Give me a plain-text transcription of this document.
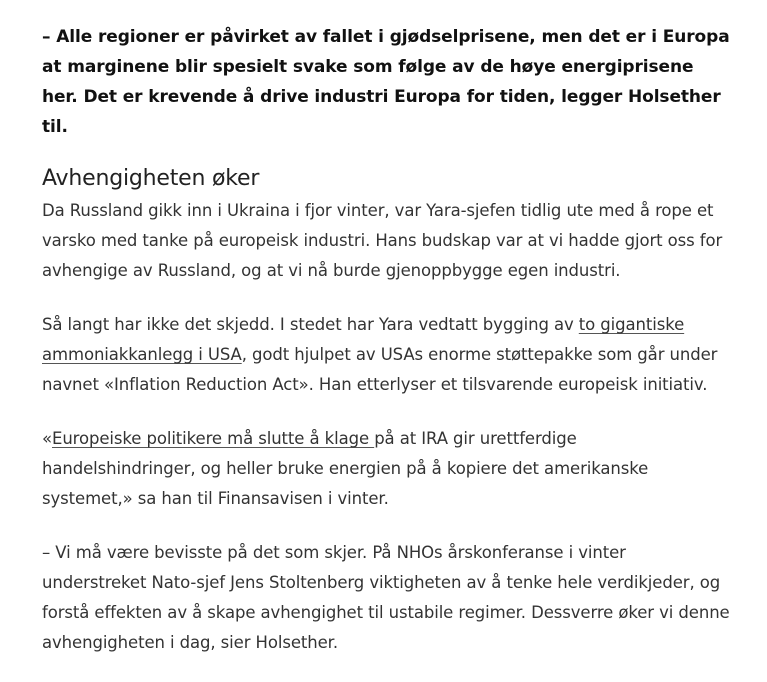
– Alle regioner er påvirket av fallet i gjødselprisene, men det er i Europa at marginene blir spesielt svake som følge av de høye energiprisene her. Det er krevende å drive industri Europa for tiden, legger Holsether til.

Avhengigheten øker

Da Russland gikk inn i Ukraina i fjor vinter, var Yara-sjefen tidlig ute med å rope et varsko med tanke på europeisk industri. Hans budskap var at vi hadde gjort oss for avhengige av Russland, og at vi nå burde gjenoppbygge egen industri.

Så langt har ikke det skjedd. I stedet har Yara vedtatt bygging av to gigantiske ammoniakkanlegg i USA, godt hjulpet av USAs enorme støttepakke som går under navnet «Inflation Reduction Act». Han etterlyser et tilsvarende europeisk initiativ.

«Europeiske politikere må slutte å klage på at IRA gir urettferdige handelshindringer, og heller bruke energien på å kopiere det amerikanske systemet,» sa han til Finansavisen i vinter.

– Vi må være bevisste på det som skjer. På NHOs årskonferanse i vinter understreket Nato-sjef Jens Stoltenberg viktigheten av å tenke hele verdikjeder, og forstå effekten av å skape avhengighet til ustabile regimer. Dessverre øker vi denne avhengigheten i dag, sier Holsether.
